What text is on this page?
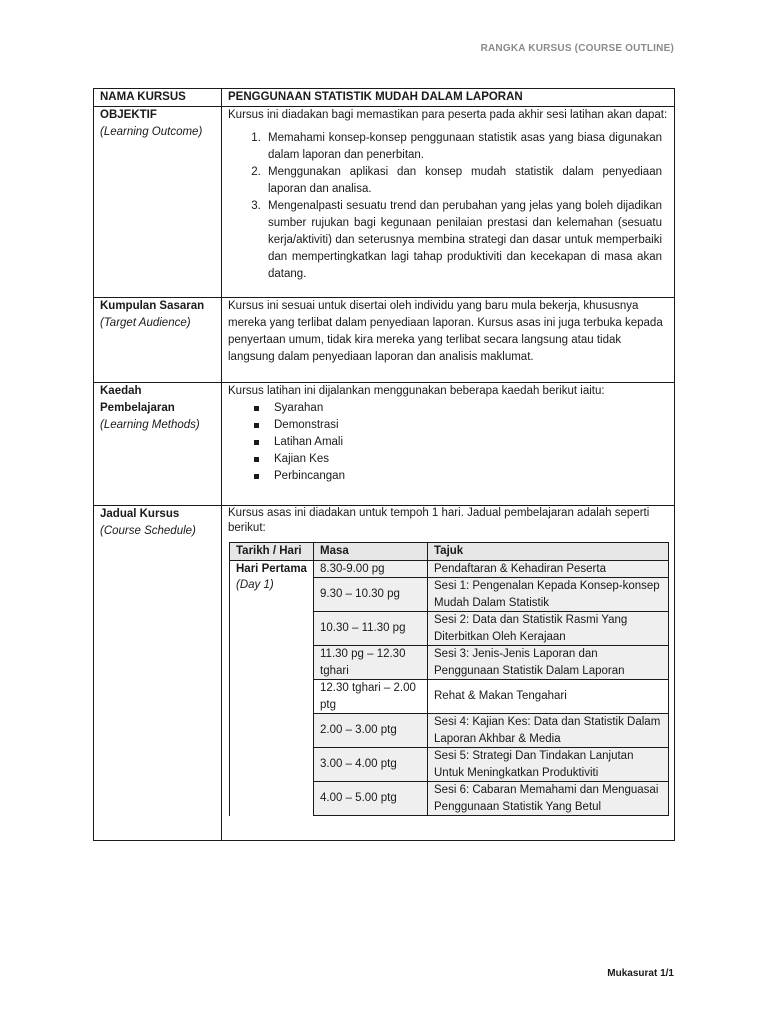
RANGKA KURSUS (COURSE OUTLINE)
NAMA KURSUS	PENGGUNAAN STATISTIK MUDAH DALAM LAPORAN

OBJEKTIF
(Learning Outcome)

Kursus ini diadakan bagi memastikan para peserta pada akhir sesi latihan akan dapat:
1. Memahami konsep-konsep penggunaan statistik asas yang biasa digunakan dalam laporan dan penerbitan.
2. Menggunakan aplikasi dan konsep mudah statistik dalam penyediaan laporan dan analisa.
3. Mengenalpasti sesuatu trend dan perubahan yang jelas yang boleh dijadikan sumber rujukan bagi kegunaan penilaian prestasi dan kelemahan (sesuatu kerja/aktiviti) dan seterusnya membina strategi dan dasar untuk memperbaiki dan mempertingkatkan lagi tahap produktiviti dan kecekapan di masa akan datang.

Kumpulan Sasaran
(Target Audience)

Kursus ini sesuai untuk disertai oleh individu yang baru mula bekerja, khususnya mereka yang terlibat dalam penyediaan laporan. Kursus asas ini juga terbuka kepada penyertaan umum, tidak kira mereka yang terlibat secara langsung atau tidak langsung dalam penyediaan laporan dan analisis maklumat.

Kaedah Pembelajaran
(Learning Methods)

Kursus latihan ini dijalankan menggunakan beberapa kaedah berikut iaitu:
Syarahan
Demonstrasi
Latihan Amali
Kajian Kes
Perbincangan

Jadual Kursus
(Course Schedule)

Kursus asas ini diadakan untuk tempoh 1 hari. Jadual pembelajaran adalah seperti berikut:
Tarikh / Hari	Masa	Tajuk

Hari Pertama
(Day 1)
	8.30-9.00 pg	Pendaftaran & Kehadiran Peserta
9.30 – 10.30 pg	Sesi 1: Pengenalan Kepada Konsep-konsep Mudah Dalam Statistik
10.30 – 11.30 pg	Sesi 2: Data dan Statistik Rasmi Yang Diterbitkan Oleh Kerajaan
11.30 pg – 12.30 tghari	Sesi 3: Jenis-Jenis Laporan dan Penggunaan Statistik Dalam Laporan
12.30 tghari – 2.00 ptg	Rehat & Makan Tengahari
2.00 – 3.00 ptg	Sesi 4: Kajian Kes: Data dan Statistik Dalam Laporan Akhbar & Media
3.00 – 4.00 ptg	Sesi 5: Strategi Dan Tindakan Lanjutan Untuk Meningkatkan Produktiviti
4.00 – 5.00 ptg	Sesi 6: Cabaran Memahami dan Menguasai Penggunaan Statistik Yang Betul
Mukasurat 1/1
